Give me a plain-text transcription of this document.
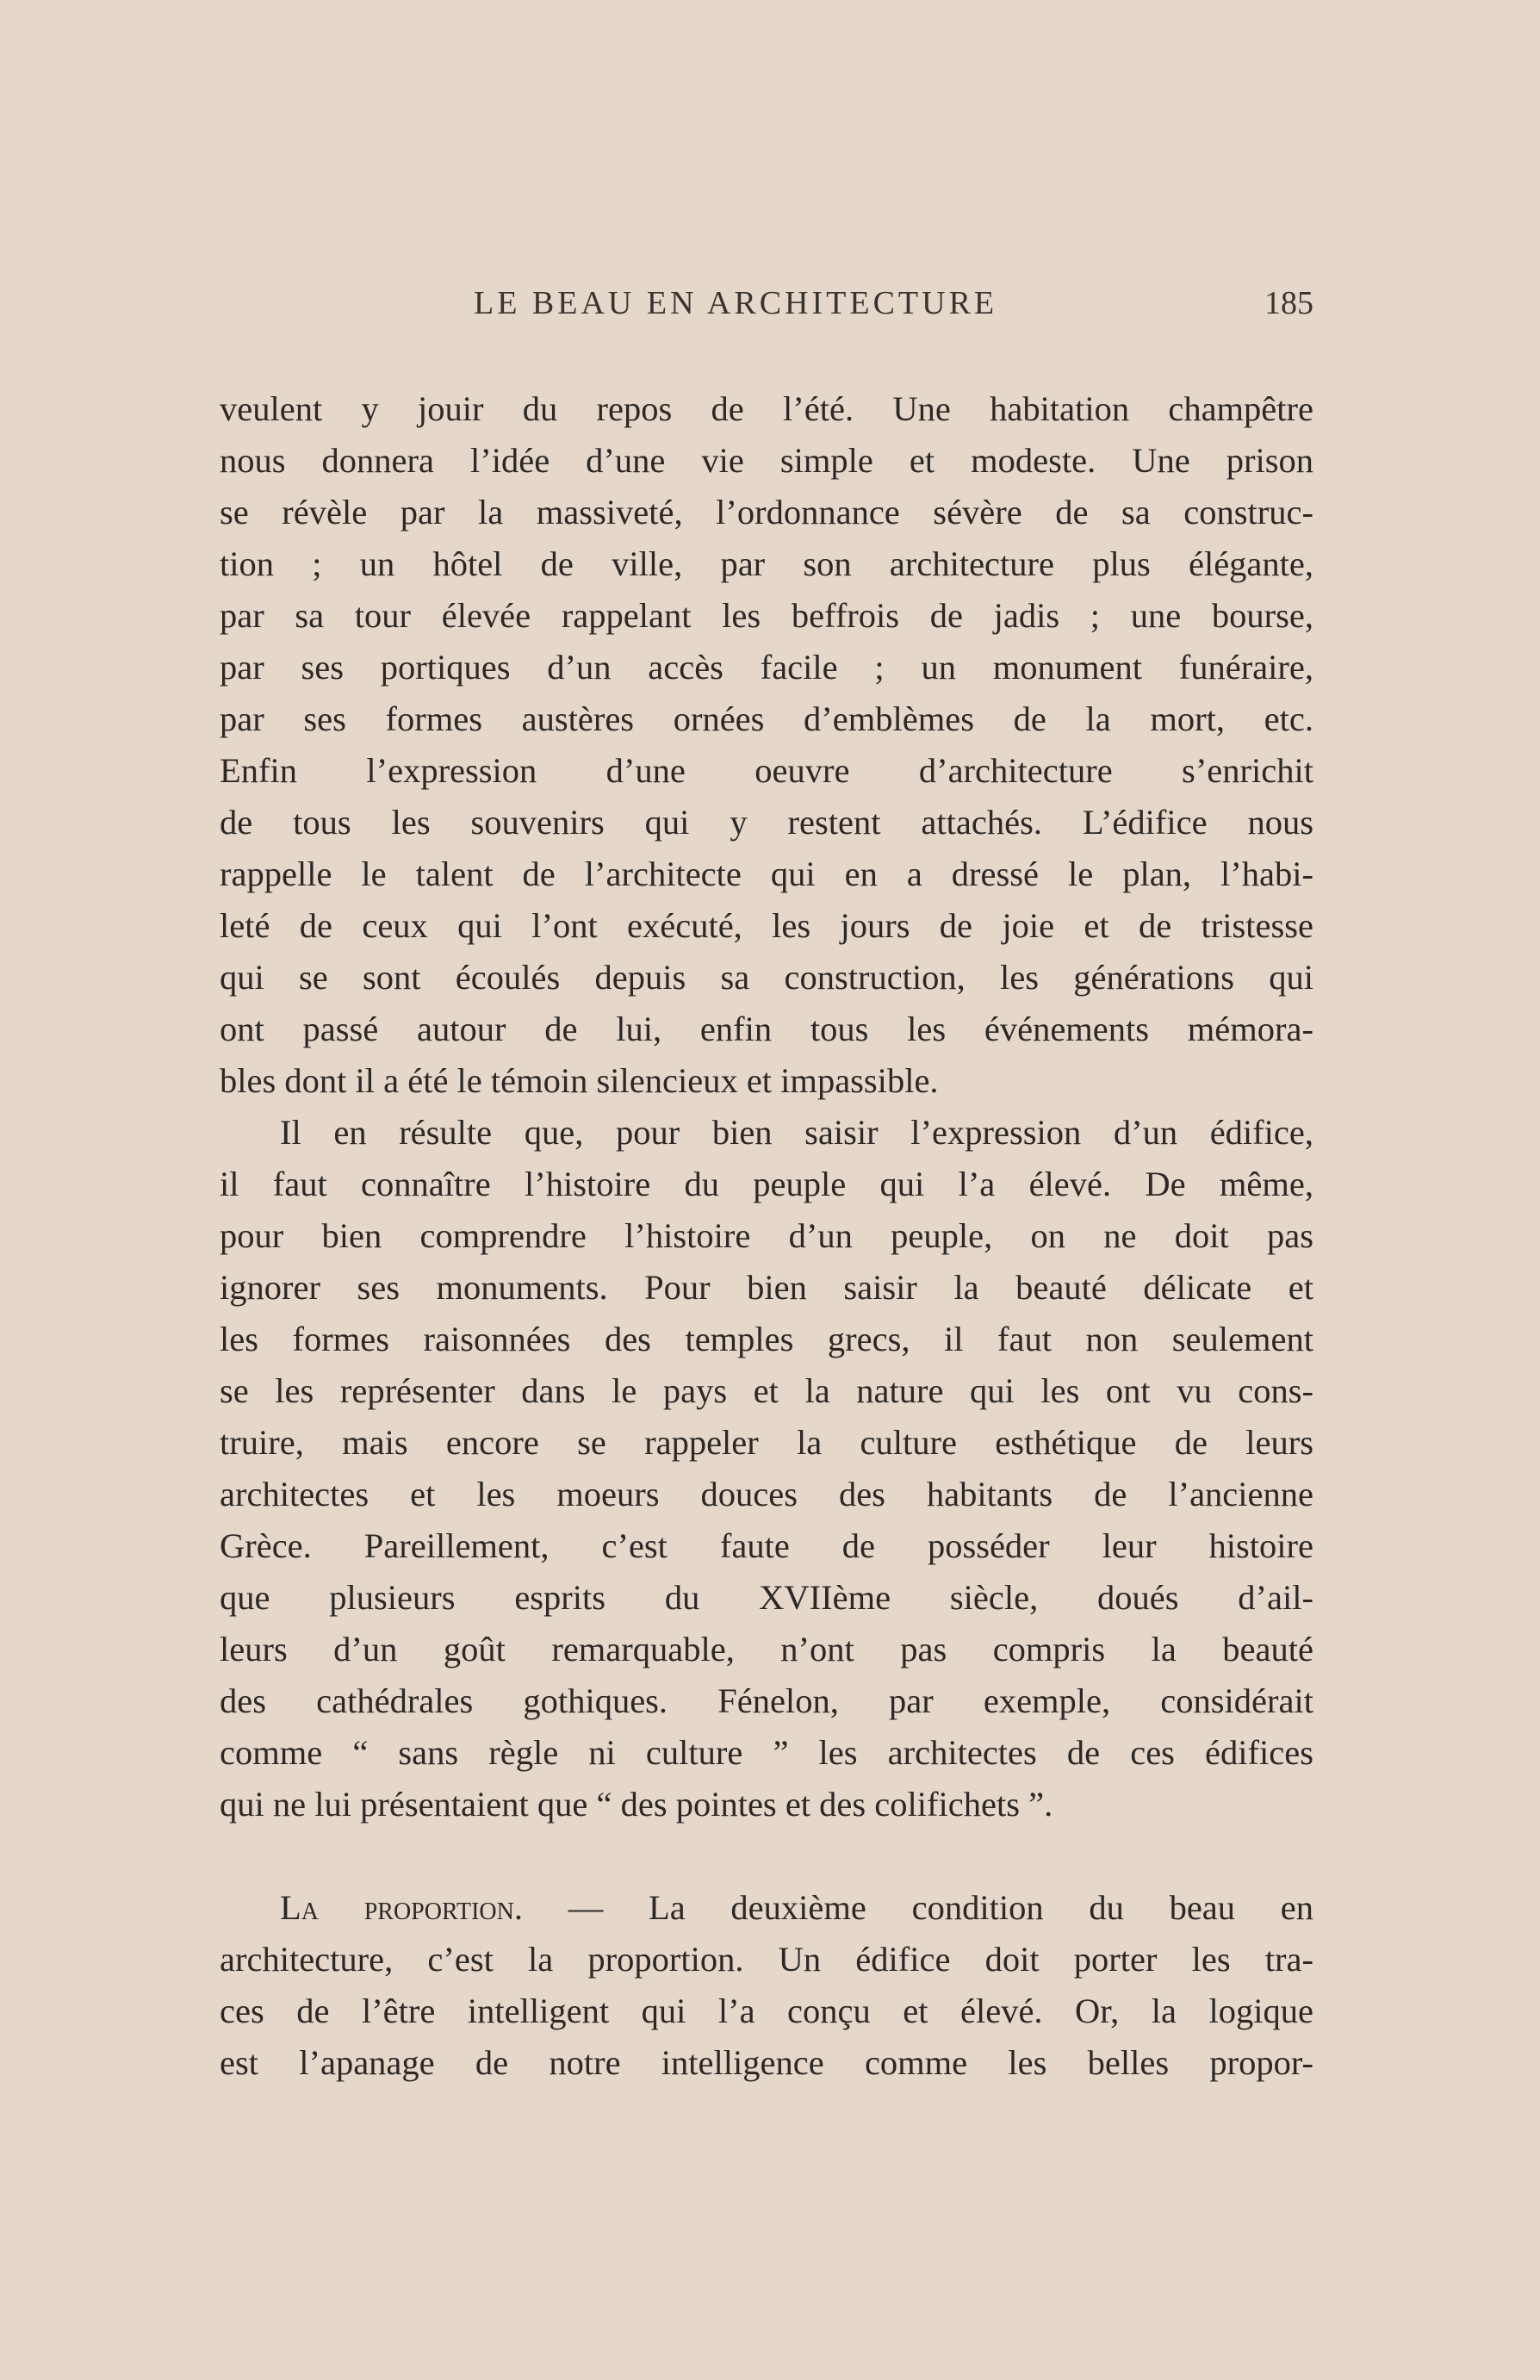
LE BEAU EN ARCHITECTURE	185

veulent y jouir du repos de l’été. Une habitation champêtre
nous donnera l’idée d’une vie simple et modeste. Une prison
se révèle par la massiveté, l’ordonnance sévère de sa construc-
tion ; un hôtel de ville, par son architecture plus élégante,
par sa tour élevée rappelant les beffrois de jadis ; une bourse,
par ses portiques d’un accès facile ; un monument funéraire,
par ses formes austères ornées d’emblèmes de la mort, etc.
Enfin l’expression d’une oeuvre d’architecture s’enrichit
de tous les souvenirs qui y restent attachés. L’édifice nous
rappelle le talent de l’architecte qui en a dressé le plan, l’habi-
leté de ceux qui l’ont exécuté, les jours de joie et de tristesse
qui se sont écoulés depuis sa construction, les générations qui
ont passé autour de lui, enfin tous les événements mémora-
bles dont il a été le témoin silencieux et impassible.

Il en résulte que, pour bien saisir l’expression d’un édifice,
il faut connaître l’histoire du peuple qui l’a élevé. De même,
pour bien comprendre l’histoire d’un peuple, on ne doit pas
ignorer ses monuments. Pour bien saisir la beauté délicate et
les formes raisonnées des temples grecs, il faut non seulement
se les représenter dans le pays et la nature qui les ont vu cons-
truire, mais encore se rappeler la culture esthétique de leurs
architectes et les moeurs douces des habitants de l’ancienne
Grèce. Pareillement, c’est faute de posséder leur histoire
que plusieurs esprits du XVIIème siècle, doués d’ail-
leurs d’un goût remarquable, n’ont pas compris la beauté
des cathédrales gothiques. Fénelon, par exemple, considérait
comme “ sans règle ni culture ” les architectes de ces édifices
qui ne lui présentaient que “ des pointes et des colifichets ”.

La proportion. — La deuxième condition du beau en
architecture, c’est la proportion. Un édifice doit porter les tra-
ces de l’être intelligent qui l’a conçu et élevé. Or, la logique
est l’apanage de notre intelligence comme les belles propor-
